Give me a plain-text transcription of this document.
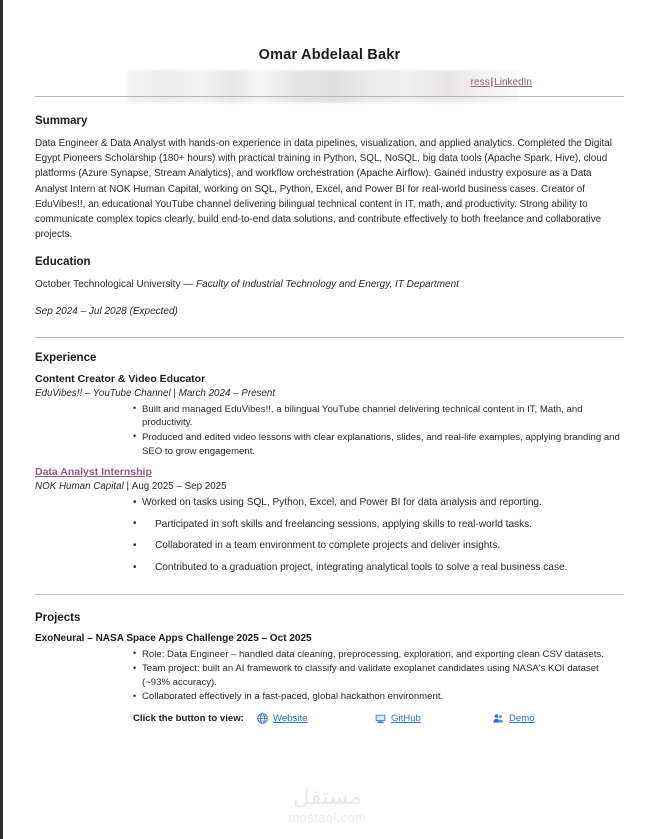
Omar Abdelaal Bakr
ress|LinkedIn
Summary

Data Engineer & Data Analyst with hands-on experience in data pipelines, visualization, and applied analytics. Completed the Digital Egypt Pioneers Scholarship (180+ hours) with practical training in Python, SQL, NoSQL, big data tools (Apache Spark, Hive), cloud platforms (Azure Synapse, Stream Analytics), and workflow orchestration (Apache Airflow). Gained industry exposure as a Data Analyst Intern at NOK Human Capital, working on SQL, Python, Excel, and Power BI for real-world business cases. Creator of EduVibes!!, an educational YouTube channel delivering bilingual technical content in IT, math, and productivity. Strong ability to communicate complex topics clearly, build end-to-end data solutions, and contribute effectively to both freelance and collaborative projects.

Education
October Technological University — Faculty of Industrial Technology and Energy, IT Department
Sep 2024 – Jul 2028 (Expected)
Experience
Content Creator & Video Educator
EduVibes!! – YouTube Channel | March 2024 – Present
• Built and managed EduVibes!!, a bilingual YouTube channel delivering technical content in IT, Math, and productivity.
• Produced and edited video lessons with clear explanations, slides, and real-life examples, applying branding and SEO to grow engagement.
Data Analyst Internship
NOK Human Capital | Aug 2025 – Sep 2025
• Worked on tasks using SQL, Python, Excel, and Power BI for data analysis and reporting.
• Participated in soft skills and freelancing sessions, applying skills to real-world tasks.
• Collaborated in a team environment to complete projects and deliver insights.
• Contributed to a graduation project, integrating analytical tools to solve a real business case.
Projects
ExoNeural – NASA Space Apps Challenge 2025 – Oct 2025
• Role: Data Engineer – handled data cleaning, preprocessing, exploration, and exporting clean CSV datasets.
• Team project: built an AI framework to classify and validate exoplanet candidates using NASA's KOI dataset (~93% accuracy).
• Collaborated effectively in a fast-paced, global hackathon environment.
Click the button to view:	Website	GitHub	Demo
مستقل
mostaql.com
